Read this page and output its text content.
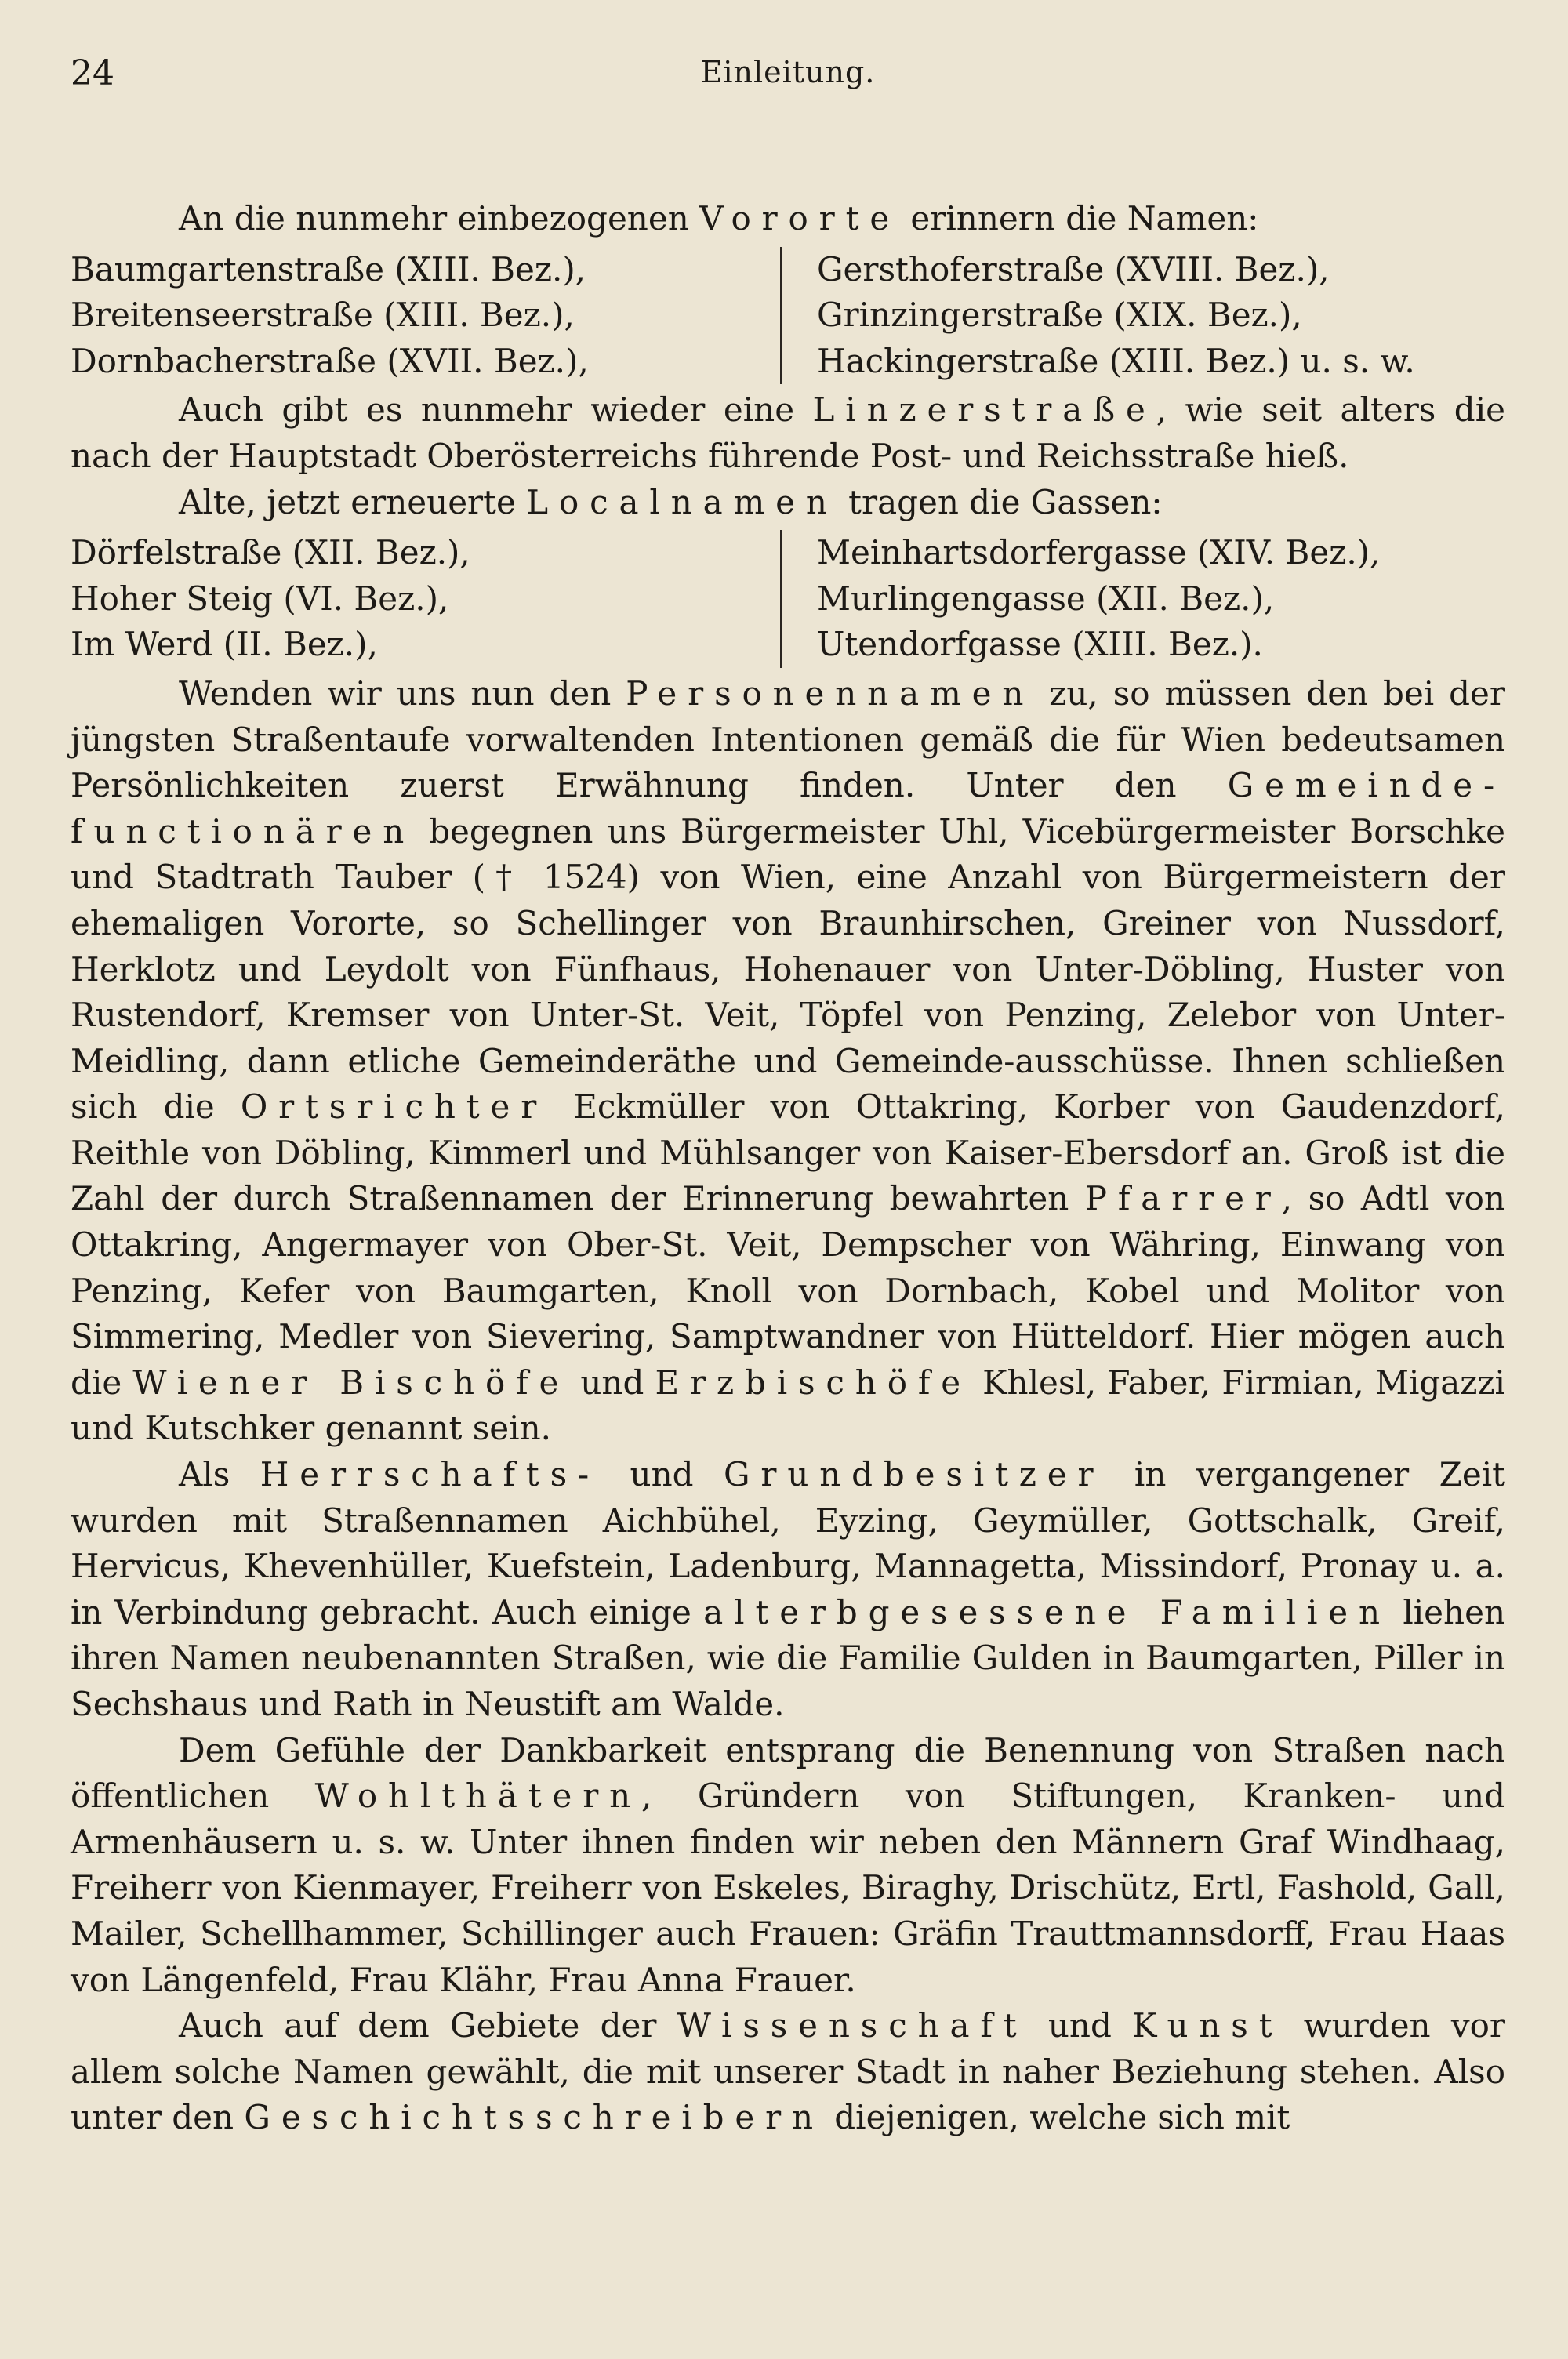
24	Einleitung.

An die nunmehr einbezogenen Vororte erinnern die Namen:

Baumgartenstraße (XIII. Bez.),
Breitenseerstraße (XIII. Bez.),
Dornbacherstraße (XVII. Bez.),
Gersthoferstraße (XVIII. Bez.),
Grinzingerstraße (XIX. Bez.),
Hackingerstraße (XIII. Bez.) u. s. w.

Auch gibt es nunmehr wieder eine Linzerstraße, wie seit alters die nach der Hauptstadt Oberösterreichs führende Post- und Reichsstraße hieß.

Alte, jetzt erneuerte Localnamen tragen die Gassen:

Dörfelstraße (XII. Bez.),
Hoher Steig (VI. Bez.),
Im Werd (II. Bez.),
Meinhartsdorfergasse (XIV. Bez.),
Murlingengasse (XII. Bez.),
Utendorfgasse (XIII. Bez.).

Wenden wir uns nun den Personennamen zu, so müssen den bei der jüngsten Straßentaufe vorwaltenden Intentionen gemäß die für Wien bedeutsamen Persönlichkeiten zuerst Erwähnung finden. Unter den Gemeinde-functionären begegnen uns Bürgermeister Uhl, Vicebürgermeister Borschke und Stadtrath Tauber († 1524) von Wien, eine Anzahl von Bürgermeistern der ehemaligen Vororte, so Schellinger von Braunhirschen, Greiner von Nussdorf, Herklotz und Leydolt von Fünfhaus, Hohenauer von Unter-Döbling, Huster von Rustendorf, Kremser von Unter-St. Veit, Töpfel von Penzing, Zelebor von Unter-Meidling, dann etliche Gemeinderäthe und Gemeinde-ausschüsse. Ihnen schließen sich die Ortsrichter Eckmüller von Ottakring, Korber von Gaudenzdorf, Reithle von Döbling, Kimmerl und Mühlsanger von Kaiser-Ebersdorf an. Groß ist die Zahl der durch Straßennamen der Erinnerung bewahrten Pfarrer, so Adtl von Ottakring, Angermayer von Ober-St. Veit, Dempscher von Währing, Einwang von Penzing, Kefer von Baumgarten, Knoll von Dornbach, Kobel und Molitor von Simmering, Medler von Sievering, Samptwandner von Hütteldorf. Hier mögen auch die Wiener Bischöfe und Erzbischöfe Khlesl, Faber, Firmian, Migazzi und Kutschker genannt sein.

Als Herrschafts- und Grundbesitzer in vergangener Zeit wurden mit Straßennamen Aichbühel, Eyzing, Geymüller, Gottschalk, Greif, Hervicus, Khevenhüller, Kuefstein, Ladenburg, Mannagetta, Missindorf, Pronay u. a. in Verbindung gebracht. Auch einige alterbgesessene Familien liehen ihren Namen neubenannten Straßen, wie die Familie Gulden in Baumgarten, Piller in Sechshaus und Rath in Neustift am Walde.

Dem Gefühle der Dankbarkeit entsprang die Benennung von Straßen nach öffentlichen Wohlthätern, Gründern von Stiftungen, Kranken- und Armenhäusern u. s. w. Unter ihnen finden wir neben den Männern Graf Windhaag, Freiherr von Kienmayer, Freiherr von Eskeles, Biraghy, Drischütz, Ertl, Fashold, Gall, Mailer, Schellhammer, Schillinger auch Frauen: Gräfin Trauttmannsdorff, Frau Haas von Längenfeld, Frau Klähr, Frau Anna Frauer.

Auch auf dem Gebiete der Wissenschaft und Kunst wurden vor allem solche Namen gewählt, die mit unserer Stadt in naher Beziehung stehen. Also unter den Geschichtsschreibern diejenigen, welche sich mit
